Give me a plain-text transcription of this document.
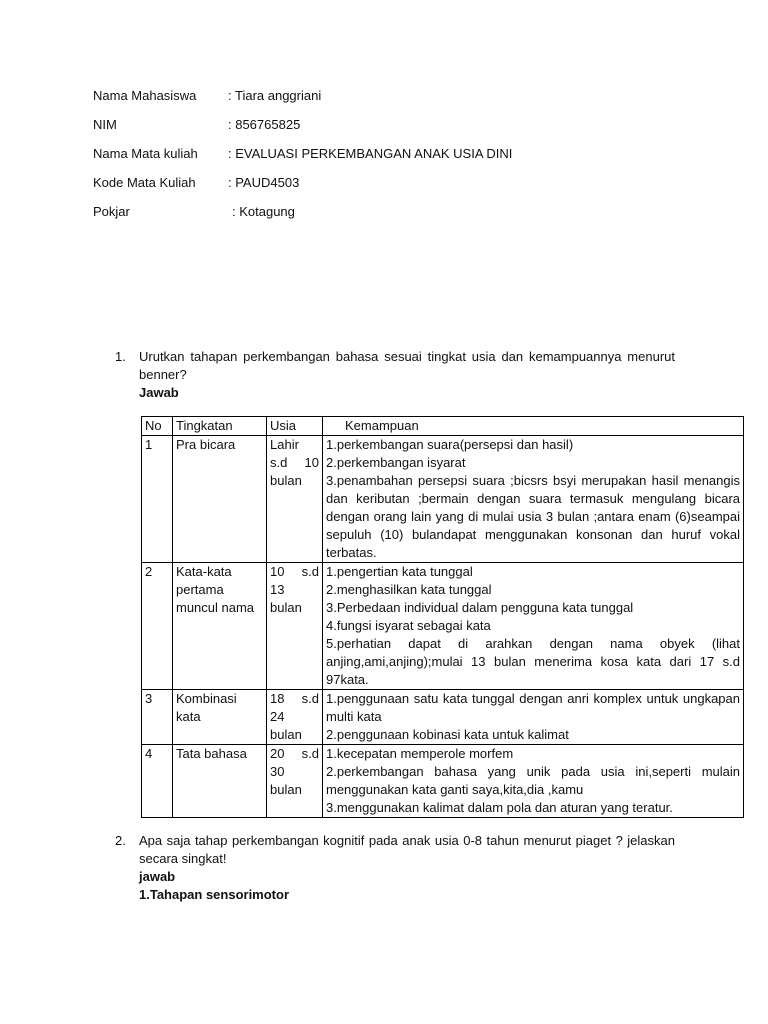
Nama Mahasiswa : Tiara anggriani
NIM	: 856765825
Nama Mata kuliah : EVALUASI PERKEMBANGAN ANAK USIA DINI
Kode Mata Kuliah : PAUD4503
Pokjar	: Kotagung
1. Urutkan tahapan perkembangan bahasa sesuai tingkat usia dan kemampuannya menurut benner?
Jawab
No	Tingkatan	Usia	Kemampuan
1	Pra bicara	Lahir s.d 10 bulan	1.perkembangan suara(persepsi dan hasil)
2.perkembangan isyarat
3.penambahan persepsi suara ;bicsrs bsyi merupakan hasil menangis dan keributan ;bermain dengan suara termasuk mengulang bicara dengan orang lain yang di mulai usia 3 bulan ;antara enam (6)seampai sepuluh (10) bulandapat menggunakan konsonan dan huruf vokal terbatas.

2	Kata-kata pertama muncul nama	10 s.d 13 bulan	1.pengertian kata tunggal
2.menghasilkan kata tunggal
3.Perbedaan individual dalam pengguna kata tunggal
4.fungsi isyarat sebagai kata
5.perhatian dapat di arahkan dengan nama obyek (lihat anjing,ami,anjing);mulai 13 bulan menerima kosa kata dari 17 s.d 97kata.

3	Kombinasi kata	18 s.d 24 bulan	1.penggunaan satu kata tunggal dengan anri komplex untuk ungkapan multi kata
2.penggunaan kobinasi kata untuk kalimat

4	Tata bahasa	20 s.d 30 bulan	1.kecepatan memperole morfem
2.perkembangan bahasa yang unik pada usia ini,seperti mulain menggunakan kata ganti saya,kita,dia ,kamu
3.menggunakan kalimat dalam pola dan aturan yang teratur.
2. Apa saja tahap perkembangan kognitif pada anak usia 0-8 tahun menurut piaget ? jelaskan secara singkat!
jawab
1.Tahapan sensorimotor
